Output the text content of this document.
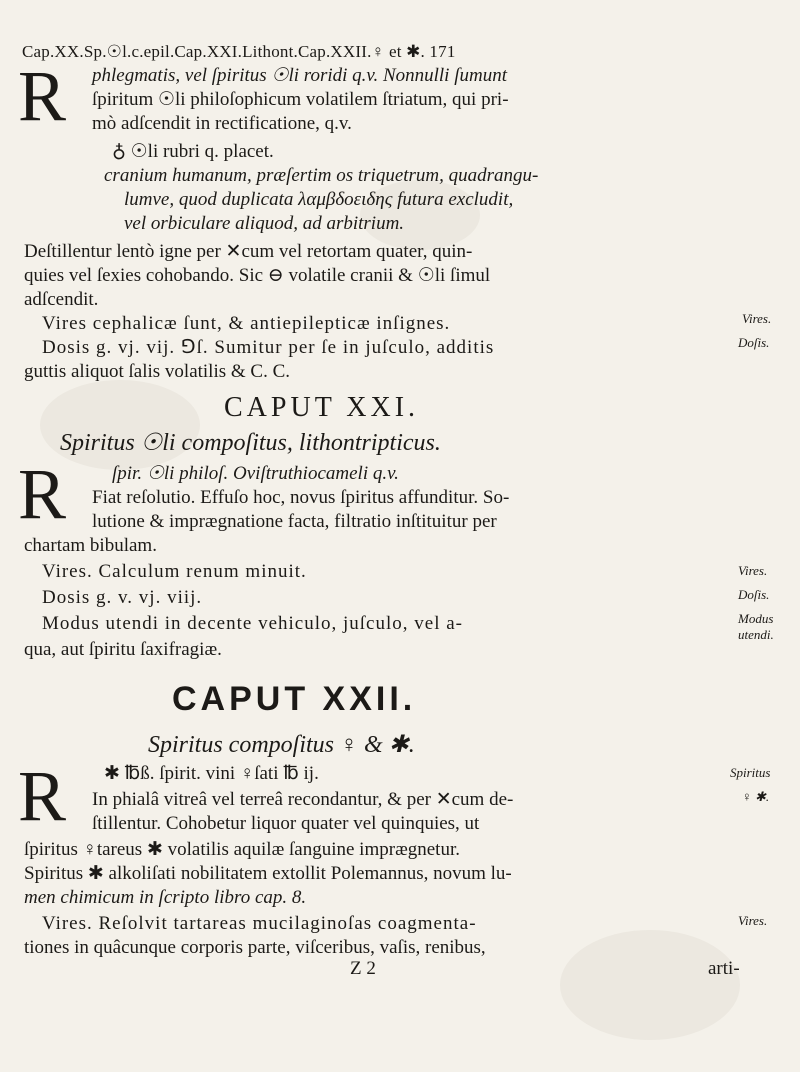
Cap.XX.Sp.☉l.c.epil.Cap.XXI.Lithont.Cap.XXII.♀ et ✱. 171
R phlegmatis, vel ſpiritus ☉li roridi q.v. Nonnulli ſumunt
ſpiritum ☉li philoſophicum volatilem ſtriatum, qui pri-
mò adſcendit in rectificatione, q.v.
♁ ☉li rubri q. placet.
cranium humanum, præſertim os triquetrum, quadrangu-
lumve, quod duplicata λαμβδοειδης futura excludit,
vel orbiculare aliquod, ad arbitrium.
Deſtillentur lentò igne per ✕cum vel retortam quater, quin-
quies vel ſexies cohobando. Sic ⊖ volatile cranii & ☉li ſimul
adſcendit.
Vires cephalicæ ſunt, & antiepilepticæ inſignes.
Dosis g. vj. vij. ⅁ſ. Sumitur per ſe in juſculo, additis
guttis aliquot ſalis volatilis & C. C.
Vires.
Doſis.
CAPUT XXI.
Spiritus ☉li compoſitus, lithontripticus.
R ſpir. ☉li philoſ. Oviſtruthiocameli q.v.
Fiat reſolutio. Effuſo hoc, novus ſpiritus affunditur. So-
lutione & imprægnatione facta, filtratio inſtituitur per
chartam bibulam.
Vires. Calculum renum minuit.
Dosis g. v. vj. viij.
Modus utendi in decente vehiculo, juſculo, vel a-
qua, aut ſpiritu ſaxifragiæ.
Vires.
Doſis.
Modus
utendi.
CAPUT XXII.
Spiritus compoſitus ♀ & ✱.
R ✱ ℔ß. ſpirit. vini ♀ſati ℔ ij.
In phialâ vitreâ vel terreâ recondantur, & per ✕cum de-
ſtillentur. Cohobetur liquor quater vel quinquies, ut
ſpiritus ♀tareus ✱ volatilis aquilæ ſanguine imprægnetur.
Spiritus ✱ alkoliſati nobilitatem extollit Polemannus, novum lu-
men chimicum in ſcripto libro cap. 8.
Vires. Reſolvit tartareas mucilaginoſas coagmenta-
tiones in quâcunque corporis parte, viſceribus, vaſis, renibus,
Spiritus
♀ ✱.
Vires.
Z 2	arti-
